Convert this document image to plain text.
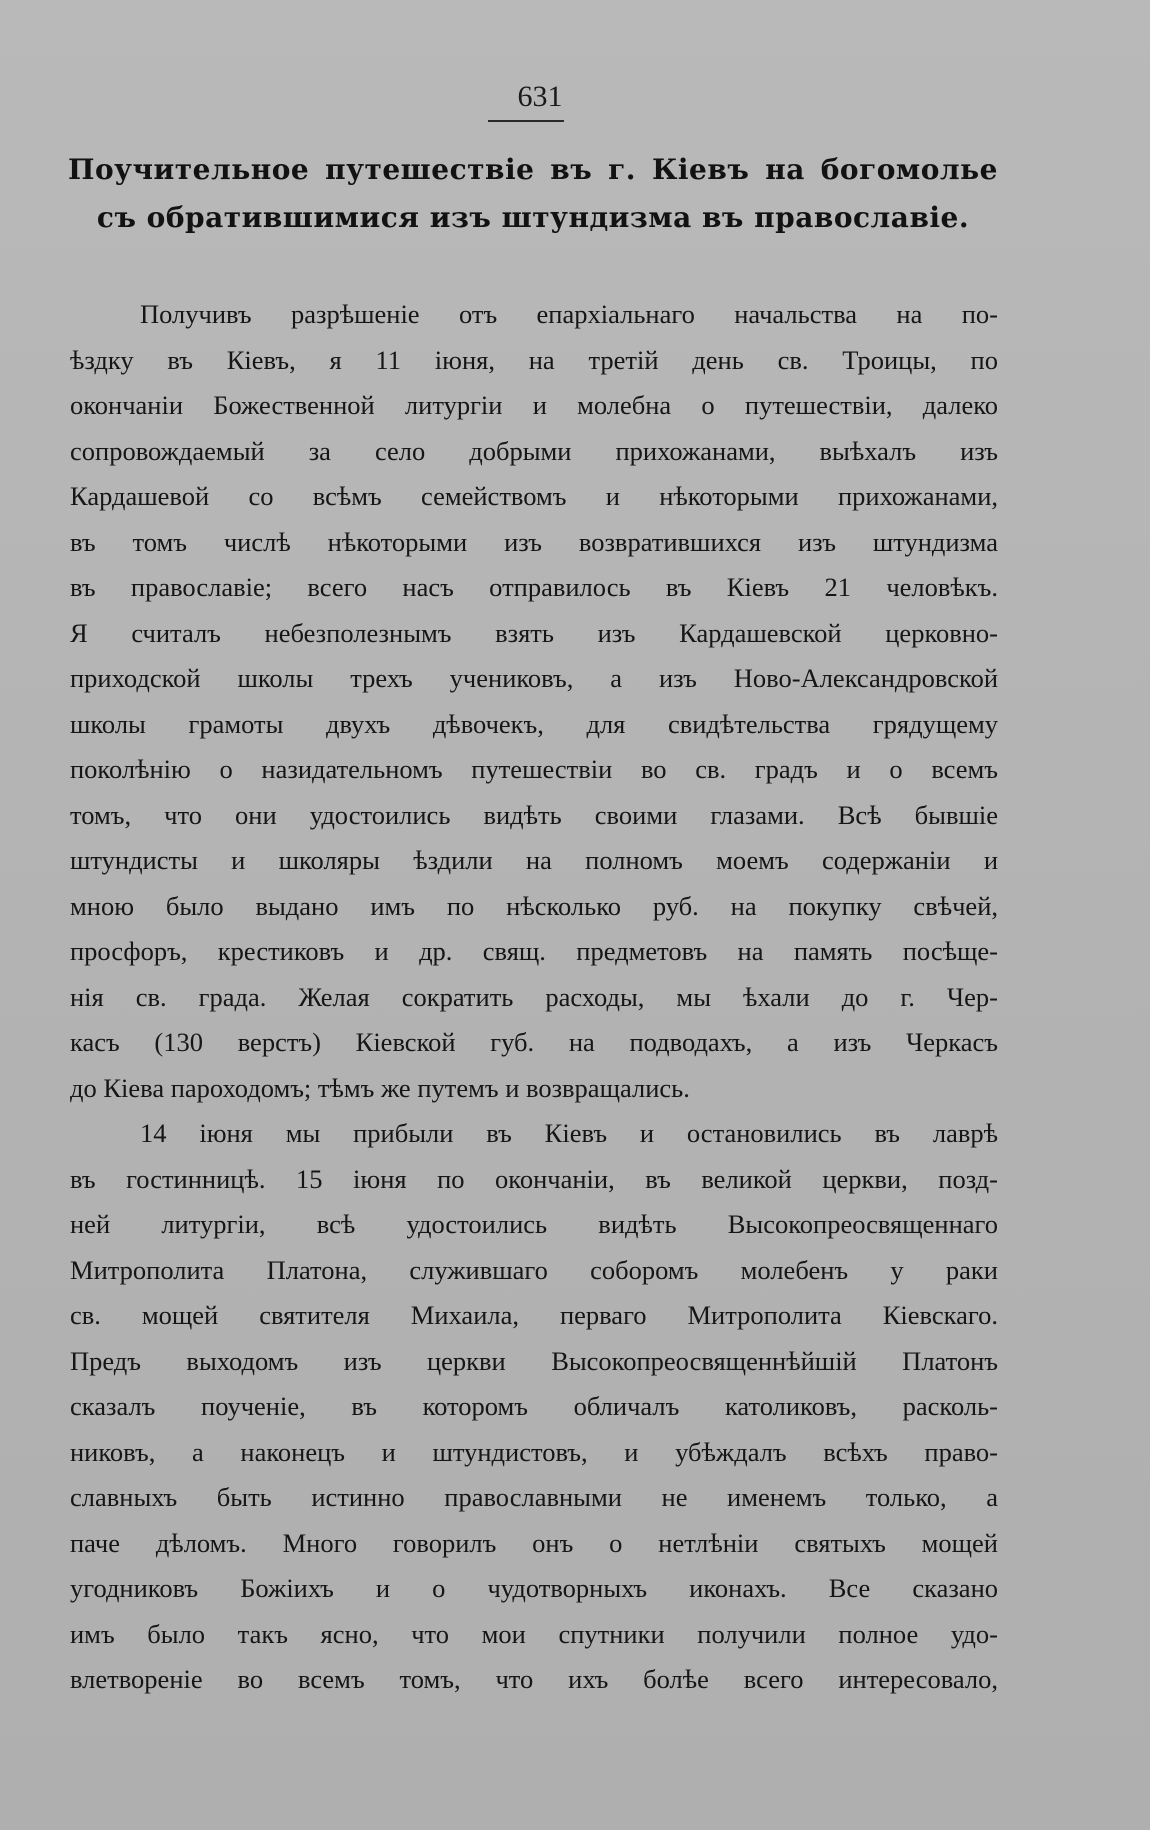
631
Поучительное путешествіе въ г. Кіевъ на богомолье съ обратившимися изъ штундизма въ православіе.
Получивъ разрѣшеніе отъ епархіальнаго начальства на по-
ѣздку въ Кіевъ, я 11 іюня, на третій день св. Троицы, по
окончаніи Божественной литургіи и молебна о путешествіи, далеко
сопровождаемый за село добрыми прихожанами, выѣхалъ изъ
Кардашевой со всѣмъ семействомъ и нѣкоторыми прихожанами,
въ томъ числѣ нѣкоторыми изъ возвратившихся изъ штундизма
въ православіе; всего насъ отправилось въ Кіевъ 21 человѣкъ.
Я считалъ небезполезнымъ взять изъ Кардашевской церковно-
приходской школы трехъ учениковъ, а изъ Ново-Александровской
школы грамоты двухъ дѣвочекъ, для свидѣтельства грядущему
поколѣнію о назидательномъ путешествіи во св. градъ и о всемъ
томъ, что они удостоились видѣть своими глазами. Всѣ бывшіе
штундисты и школяры ѣздили на полномъ моемъ содержаніи и
мною было выдано имъ по нѣсколько руб. на покупку свѣчей,
просфоръ, крестиковъ и др. свящ. предметовъ на память посѣще-
нія св. града. Желая сократить расходы, мы ѣхали до г. Чер-
касъ (130 верстъ) Кіевской губ. на подводахъ, а изъ Черкасъ
до Кіева пароходомъ; тѣмъ же путемъ и возвращались.
14 іюня мы прибыли въ Кіевъ и остановились въ лаврѣ
въ гостинницѣ. 15 іюня по окончаніи, въ великой церкви, позд-
ней литургіи, всѣ удостоились видѣть Высокопреосвященнаго
Митрополита Платона, служившаго соборомъ молебенъ у раки
св. мощей святителя Михаила, перваго Митрополита Кіевскаго.
Предъ выходомъ изъ церкви Высокопреосвященнѣйшій Платонъ
сказалъ поученіе, въ которомъ обличалъ католиковъ, расколь-
никовъ, а наконецъ и штундистовъ, и убѣждалъ всѣхъ право-
славныхъ быть истинно православными не именемъ только, а
паче дѣломъ. Много говорилъ онъ о нетлѣніи святыхъ мощей
угодниковъ Божіихъ и о чудотворныхъ иконахъ. Все сказано
имъ было такъ ясно, что мои спутники получили полное удо-
влетвореніе во всемъ томъ, что ихъ болѣе всего интересовало,
